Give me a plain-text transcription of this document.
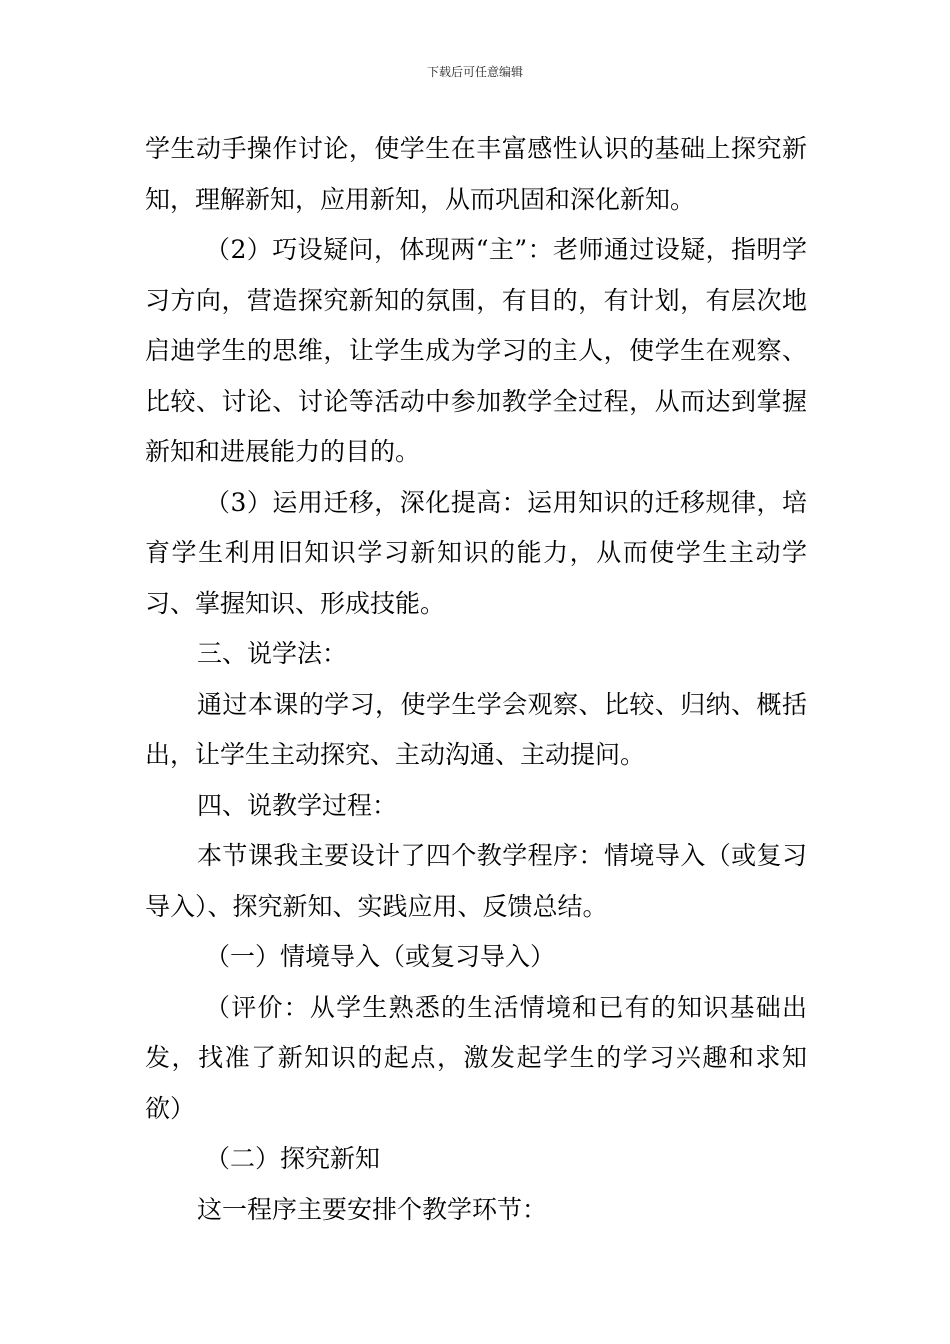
下载后可任意编辑

学生动手操作讨论，使学生在丰富感性认识的基础上探究新知，理解新知，应用新知，从而巩固和深化新知。

（2）巧设疑问，体现两“主”：老师通过设疑，指明学习方向，营造探究新知的氛围，有目的，有计划，有层次地启迪学生的思维，让学生成为学习的主人，使学生在观察、比较、讨论、讨论等活动中参加教学全过程，从而达到掌握新知和进展能力的目的。

（3）运用迁移，深化提高：运用知识的迁移规律，培育学生利用旧知识学习新知识的能力，从而使学生主动学习、掌握知识、形成技能。

三、说学法：

通过本课的学习，使学生学会观察、比较、归纳、概括出，让学生主动探究、主动沟通、主动提问。

四、说教学过程：

本节课我主要设计了四个教学程序：情境导入（或复习导入）、探究新知、实践应用、反馈总结。

（一）情境导入（或复习导入）

（评价：从学生熟悉的生活情境和已有的知识基础出发，找准了新知识的起点，激发起学生的学习兴趣和求知欲）

（二）探究新知

这一程序主要安排个教学环节：
